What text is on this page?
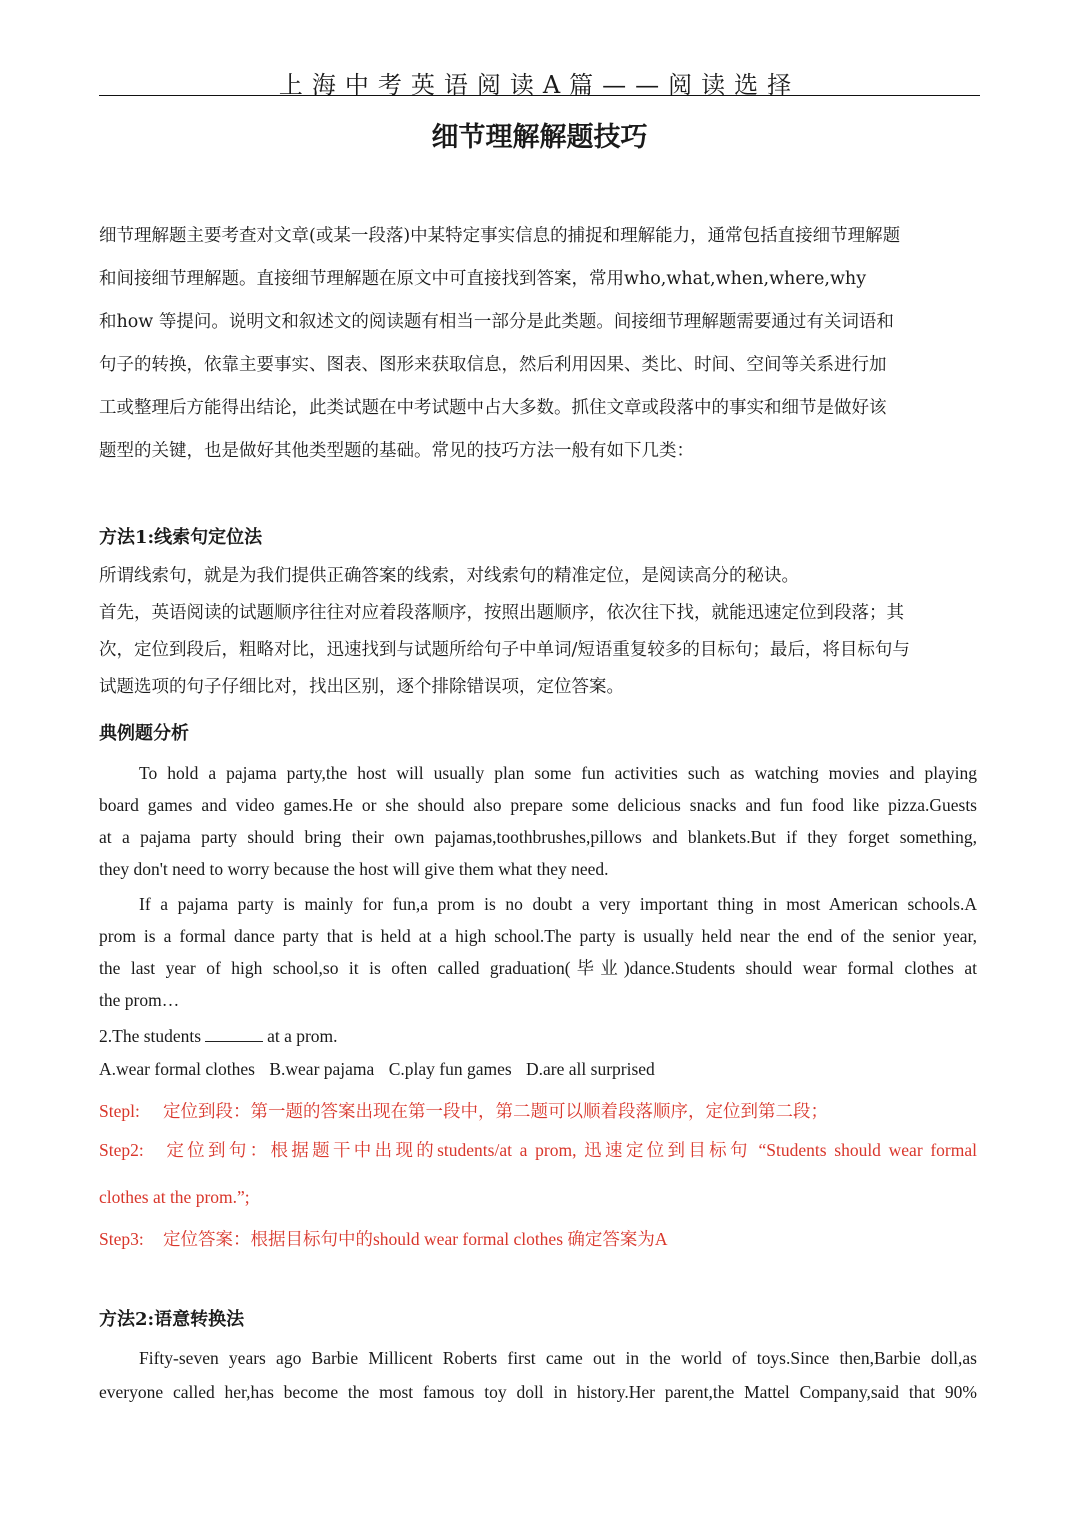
上海中考英语阅读A篇——阅读选择
细节理解解题技巧
细节理解题主要考查对文章(或某一段落)中某特定事实信息的捕捉和理解能力，通常包括直接细节理解题
和间接细节理解题。直接细节理解题在原文中可直接找到答案，常用who,what,when,where,why
和how 等提问。说明文和叙述文的阅读题有相当一部分是此类题。间接细节理解题需要通过有关词语和
句子的转换，依靠主要事实、图表、图形来获取信息，然后利用因果、类比、时间、空间等关系进行加
工或整理后方能得出结论，此类试题在中考试题中占大多数。抓住文章或段落中的事实和细节是做好该
题型的关键，也是做好其他类型题的基础。常见的技巧方法一般有如下几类：
方法1:线索句定位法
所谓线索句，就是为我们提供正确答案的线索，对线索句的精准定位，是阅读高分的秘诀。
首先，英语阅读的试题顺序往往对应着段落顺序，按照出题顺序，依次往下找，就能迅速定位到段落；其
次，定位到段后，粗略对比，迅速找到与试题所给句子中单词/短语重复较多的目标句；最后，将目标句与
试题选项的句子仔细比对，找出区别，逐个排除错误项，定位答案。
典例题分析
To hold a pajama party,the host will usually plan some fun activities such as watching movies and playing
board games and video games.He or she should also prepare some delicious snacks and fun food like pizza.Guests
at a pajama party should bring their own pajamas,toothbrushes,pillows and blankets.But if they forget something,
they don't need to worry because the host will give them what they need.
If a pajama party is mainly for fun,a prom is no doubt a very important thing in most American schools.A
prom is a formal dance party that is held at a high school.The party is usually held near the end of the senior year,
the last year of high school,so it is often called graduation(毕业)dance.Students should wear formal clothes at
the prom…
2.The students	at a prom.
A.wear formal clothes B.wear pajama C.play fun games D.are all surprised
Stepl: 定位到段：第一题的答案出现在第一段中，第二题可以顺着段落顺序，定位到第二段；
Step2: 定位到句：根据题干中出现的students/at a prom, 迅速定位到目标句 “Students should wear formal
clothes at the prom.”;
Step3: 定位答案：根据目标句中的should wear formal clothes 确定答案为A
方法2:语意转换法
Fifty-seven years ago Barbie Millicent Roberts first came out in the world of toys.Since then,Barbie doll,as
everyone called her,has become the most famous toy doll in history.Her parent,the Mattel Company,said that 90%
